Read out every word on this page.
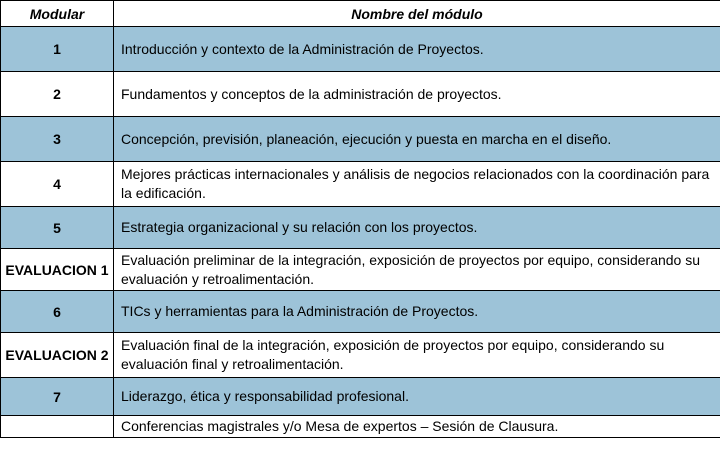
Modular	Nombre del módulo
1	Introducción y contexto de la Administración de Proyectos.
2	Fundamentos y conceptos de la administración de proyectos.
3	Concepción, previsión, planeación, ejecución y puesta en marcha en el diseño.
4	Mejores prácticas internacionales y análisis de negocios relacionados con la coordinación para la edificación.
5	Estrategia organizacional y su relación con los proyectos.
EVALUACION 1	Evaluación preliminar de la integración, exposición de proyectos por equipo, considerando su evaluación y retroalimentación.
6	TICs y herramientas para la Administración de Proyectos.
EVALUACION 2	Evaluación final de la integración, exposición de proyectos por equipo, considerando su evaluación final y retroalimentación.
7	Liderazgo, ética y responsabilidad profesional.
	Conferencias magistrales y/o Mesa de expertos – Sesión de Clausura.
